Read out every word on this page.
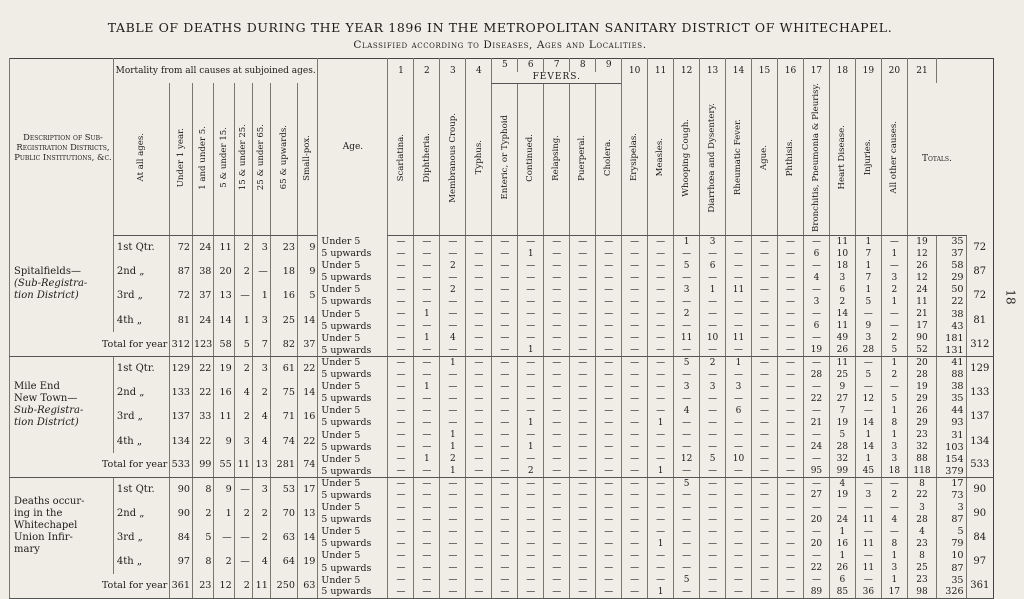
TABLE OF DEATHS DURING THE YEAR 1896 IN THE METROPOLITAN SANITARY DISTRICT OF WHITECHAPEL.
Classified according to Diseases, Ages and Localities.
18
Description of Sub-Registration Districts, Public Institutions, &c.	Mortality from all causes at subjoined ages.								Age.	1	2	3	4	5	6	7	8	9	10	11	12	13	14	15	16	17	18	19	20	21		
														FEVERS.																		
	At all ages.	Under 1 year.	1 and under 5.	5 & under 15.	15 & under 25.	25 & under 65.	65 & upwards.	Small-pox.		Scarlatina.	Diphtheria.	Membranous Croup.	Typhus.	Enteric, or Typhoid	Continued.	Relapsing.	Puerperal.	Cholera.	Erysipelas.	Measles.	Whooping Cough.	Diarrhœa and Dysentery.	Rheumatic Fever.	Ague.	Phthisis.	Bronchitis, Pneumonia & Pleurisy.	Heart Disease.	Injuries.	All other causes.	Totals.		

Spitalfields—
(Sub-Registra-
tion District)	1st Qtr.	72	24	11	2	3	23	9	Under 5	—	—	—	—	—	—	—	—	—	—	—	1	3	—	—	—	—	11	1	—	19	35	72
									5 upwards	—	—	—	—	—	1	—	—	—	—	—	—	—	—	—	—	6	10	7	1	12	37	
	2nd „	87	38	20	2	—	18	9	Under 5	—	—	2	—	—	—	—	—	—	—	—	5	6	—	—	—	—	18	1	—	26	58	87
									5 upwards	—	—	—	—	—	—	—	—	—	—	—	—	—	—	—	—	4	3	7	3	12	29	
	3rd „	72	37	13	—	1	16	5	Under 5	—	—	2	—	—	—	—	—	—	—	—	3	1	11	—	—	—	6	1	2	24	50	72
									5 upwards	—	—	—	—	—	—	—	—	—	—	—	—	—	—	—	—	3	2	5	1	11	22	
	4th „	81	24	14	1	3	25	14	Under 5	—	1	—	—	—	—	—	—	—	—	—	2	—	—	—	—	—	14	—	—	21	38	81
									5 upwards	—	—	—	—	—	—	—	—	—	—	—	—	—	—	—	—	6	11	9	—	17	43	
Total for year		312	123	58	5	7	82	37	Under 5	—	1	4	—	—	—	—	—	—	—	—	11	10	11	—	—	—	49	3	2	90	181	312
									5 upwards	—	—	—	—	—	1	—	—	—	—	—	—	—	—	—	—	19	26	28	5	52	131	

Mile End
New Town—
Sub-Registra-
tion District)	1st Qtr.	129	22	19	2	3	61	22	Under 5	—	—	1	—	—	—	—	—	—	—	—	5	2	1	—	—	—	11	—	1	20	41	129
									5 upwards	—	—	—	—	—	—	—	—	—	—	—	—	—	—	—	—	28	25	5	2	28	88	
	2nd „	133	22	16	4	2	75	14	Under 5	—	1	—	—	—	—	—	—	—	—	—	3	3	3	—	—	—	9	—	—	19	38	133
									5 upwards	—	—	—	—	—	—	—	—	—	—	—	—	—	—	—	—	22	27	12	5	29	35	
	3rd „	137	33	11	2	4	71	16	Under 5	—	—	—	—	—	—	—	—	—	—	—	4	—	6	—	—	—	7	—	1	26	44	137
									5 upwards	—	—	—	—	—	1	—	—	—	—	1	—	—	—	—	—	21	19	14	8	29	93	
	4th „	134	22	9	3	4	74	22	Under 5	—	—	1	—	—	—	—	—	—	—	—	—	—	—	—	—	—	5	1	1	23	31	134
									5 upwards	—	—	1	—	—	1	—	—	—	—	—	—	—	—	—	—	24	28	14	3	32	103	
Total for year		533	99	55	11	13	281	74	Under 5	—	1	2	—	—	—	—	—	—	—	—	12	5	10	—	—	—	32	1	3	88	154	533
									5 upwards	—	—	1	—	—	2	—	—	—	—	1	—	—	—	—	—	95	99	45	18	118	379	

Deaths occur-
ing in the
Whitechapel
Union Infir-
mary	1st Qtr.	90	8	9	—	3	53	17	Under 5	—	—	—	—	—	—	—	—	—	—	—	5	—	—	—	—	—	4	—	—	8	17	90
									5 upwards	—	—	—	—	—	—	—	—	—	—	—	—	—	—	—	—	27	19	3	2	22	73	
	2nd „	90	2	1	2	2	70	13	Under 5	—	—	—	—	—	—	—	—	—	—	—	—	—	—	—	—	—	—	—	—	3	3	90
									5 upwards	—	—	—	—	—	—	—	—	—	—	—	—	—	—	—	—	20	24	11	4	28	87	
	3rd „	84	5	—	—	2	63	14	Under 5	—	—	—	—	—	—	—	—	—	—	—	—	—	—	—	—	—	1	—	—	4	5	84
									5 upwards	—	—	—	—	—	—	—	—	—	—	1	—	—	—	—	—	20	16	11	8	23	79	
	4th „	97	8	2	—	4	64	19	Under 5	—	—	—	—	—	—	—	—	—	—	—	—	—	—	—	—	—	1	—	1	8	10	97
									5 upwards	—	—	—	—	—	—	—	—	—	—	—	—	—	—	—	—	22	26	11	3	25	87	
Total for year		361	23	12	2	11	250	63	Under 5	—	—	—	—	—	—	—	—	—	—	—	5	—	—	—	—	—	6	—	1	23	35	361
									5 upwards	—	—	—	—	—	—	—	—	—	—	1	—	—	—	—	—	89	85	36	17	98	326	
